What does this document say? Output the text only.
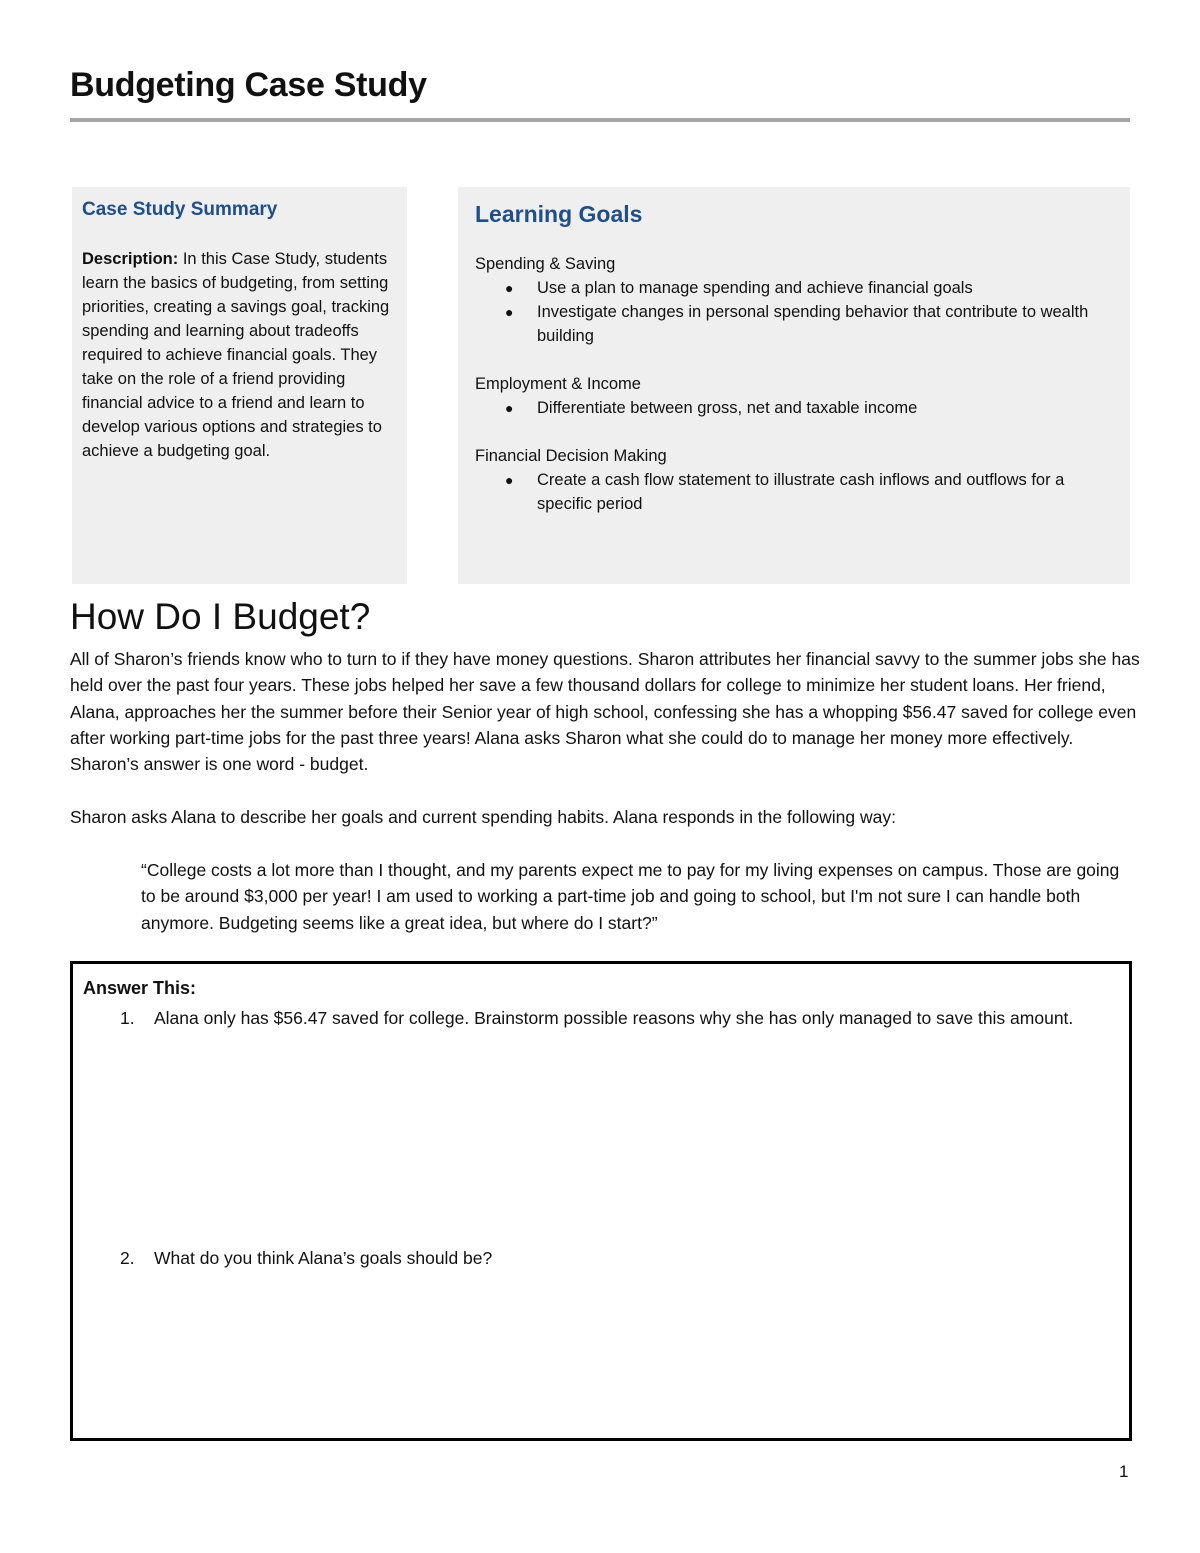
Budgeting Case Study

Case Study Summary

Description: In this Case Study, students learn the basics of budgeting, from setting priorities, creating a savings goal, tracking spending and learning about tradeoffs required to achieve financial goals. They take on the role of a friend providing financial advice to a friend and learn to develop various options and strategies to achieve a budgeting goal.

Learning Goals

Spending & Saving

● Use a plan to manage spending and achieve financial goals
● Investigate changes in personal spending behavior that contribute to wealth building

Employment & Income

● Differentiate between gross, net and taxable income

Financial Decision Making

● Create a cash flow statement to illustrate cash inflows and outflows for a specific period
How Do I Budget?

All of Sharon’s friends know who to turn to if they have money questions. Sharon attributes her financial savvy to the summer jobs she has held over the past four years. These jobs helped her save a few thousand dollars for college to minimize her student loans. Her friend, Alana, approaches her the summer before their Senior year of high school, confessing she has a whopping $56.47 saved for college even after working part-time jobs for the past three years! Alana asks Sharon what she could do to manage her money more effectively. Sharon’s answer is one word - budget.

Sharon asks Alana to describe her goals and current spending habits. Alana responds in the following way:

“College costs a lot more than I thought, and my parents expect me to pay for my living expenses on campus. Those are going to be around $3,000 per year! I am used to working a part-time job and going to school, but I'm not sure I can handle both anymore. Budgeting seems like a great idea, but where do I start?”

Answer This:

1. Alana only has $56.47 saved for college. Brainstorm possible reasons why she has only managed to save this amount.
2. What do you think Alana’s goals should be?

1
